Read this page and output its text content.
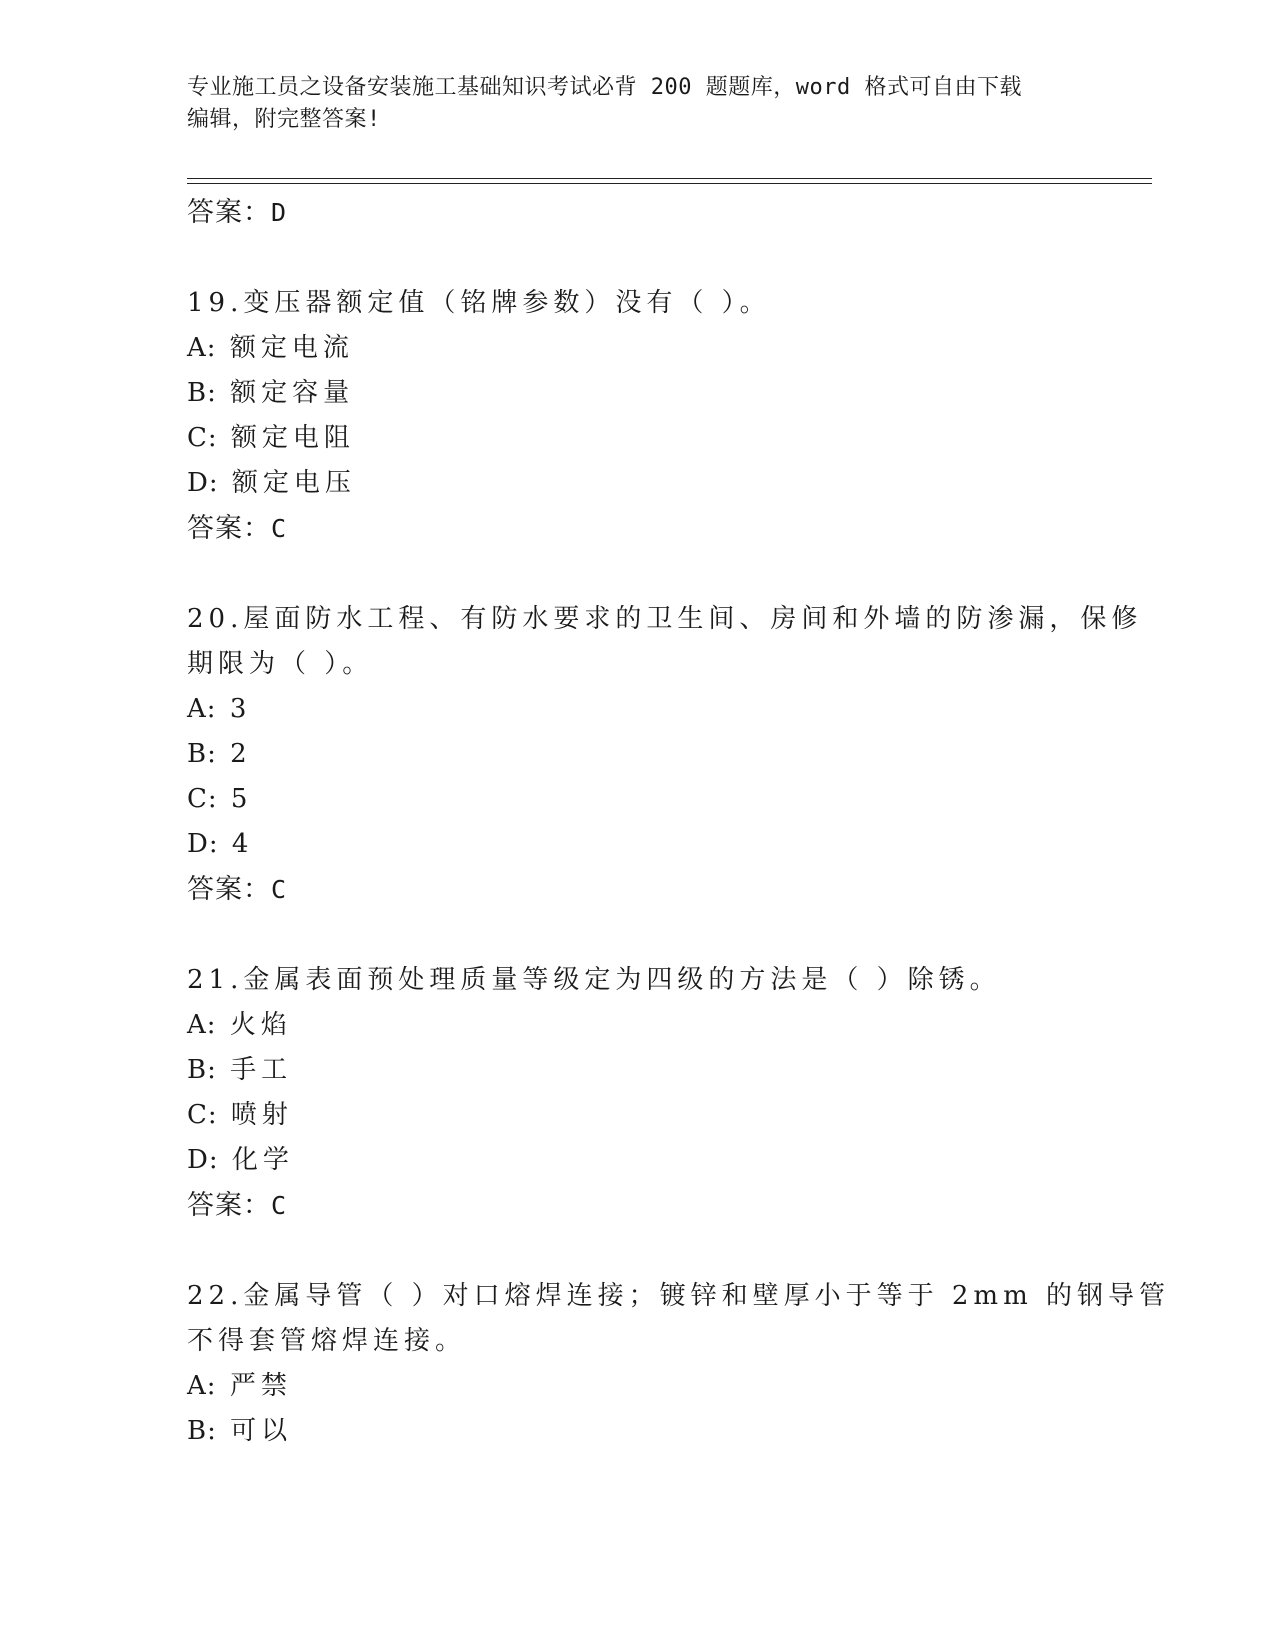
专业施工员之设备安装施工基础知识考试必背 200 题题库，word 格式可自由下载
编辑，附完整答案!
答案：D
19.变压器额定值（铭牌参数）没有（ ）。
A: 额定电流
B: 额定容量
C: 额定电阻
D: 额定电压
答案：C
20.屋面防水工程、有防水要求的卫生间、房间和外墙的防渗漏，保修
期限为（ ）。
A: 3
B: 2
C: 5
D: 4
答案：C
21.金属表面预处理质量等级定为四级的方法是（ ）除锈。
A: 火焰
B: 手工
C: 喷射
D: 化学
答案：C
22.金属导管（ ）对口熔焊连接；镀锌和壁厚小于等于 2mm 的钢导管
不得套管熔焊连接。
A: 严禁
B: 可以
